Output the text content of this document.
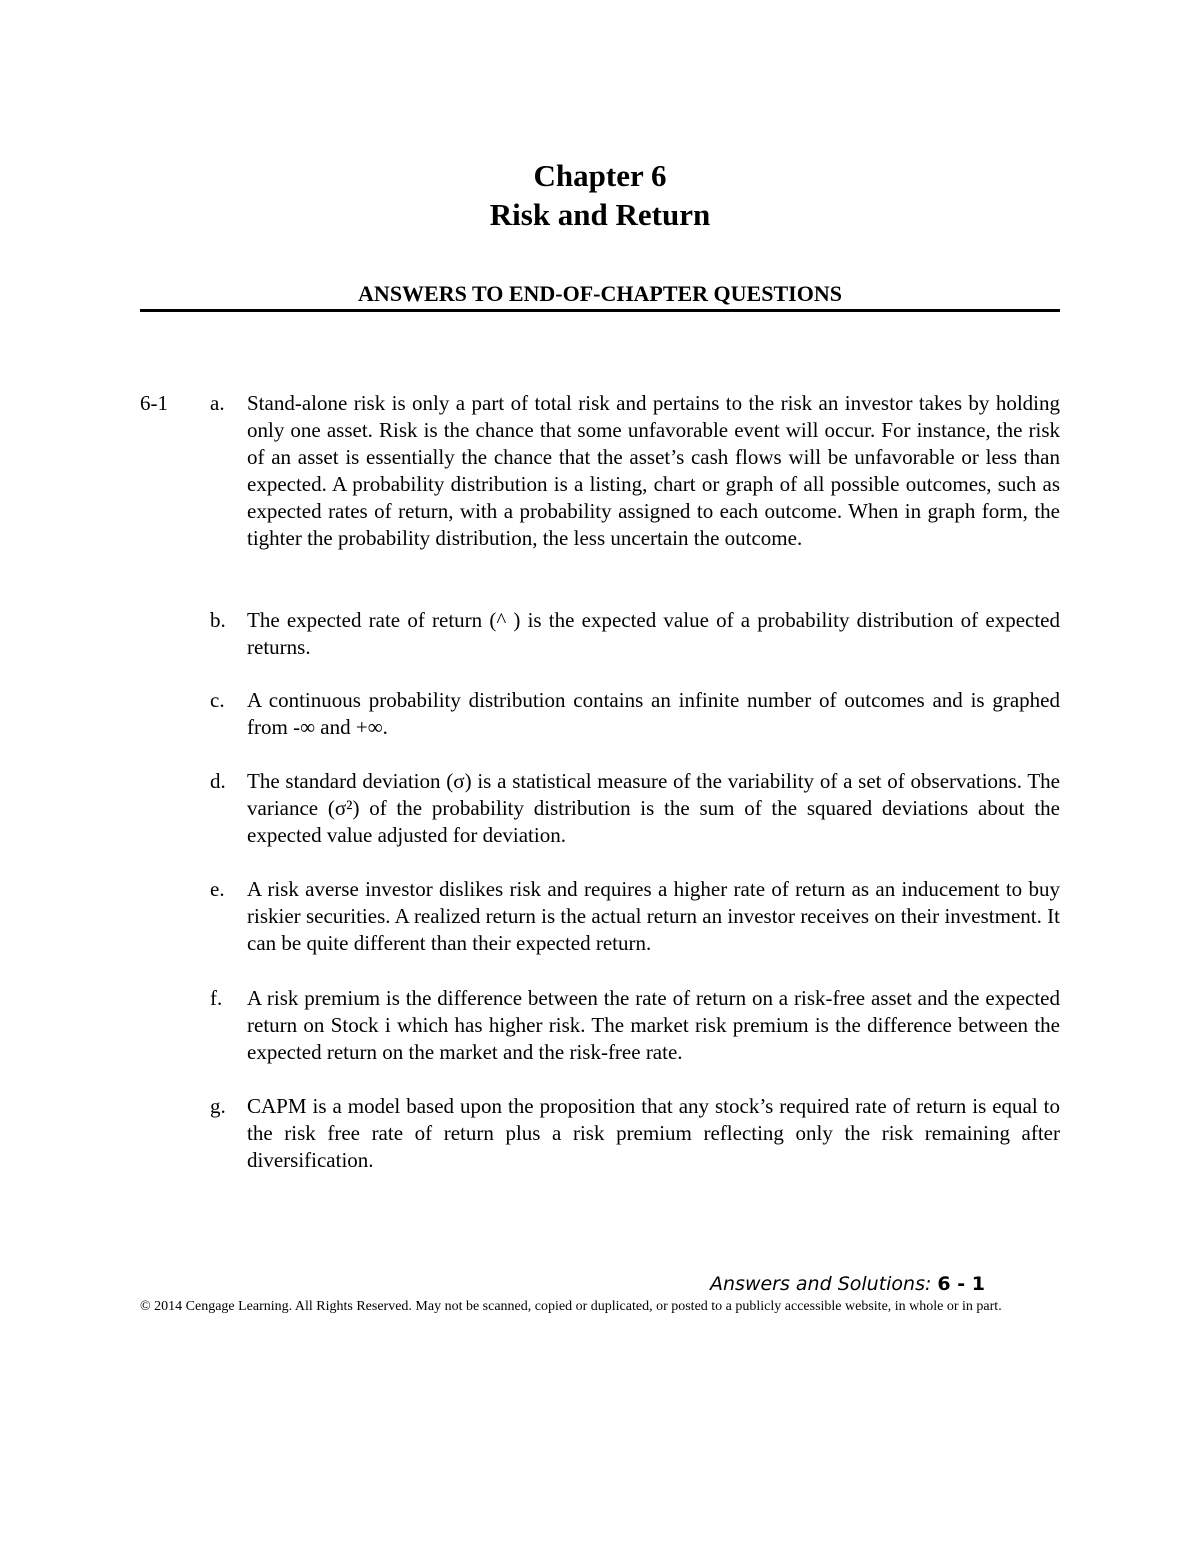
Chapter 6
Risk and Return
ANSWERS TO END-OF-CHAPTER QUESTIONS
6-1 a. Stand-alone risk is only a part of total risk and pertains to the risk an investor takes by holding only one asset. Risk is the chance that some unfavorable event will occur. For instance, the risk of an asset is essentially the chance that the asset’s cash flows will be unfavorable or less than expected. A probability distribution is a listing, chart or graph of all possible outcomes, such as expected rates of return, with a probability assigned to each outcome. When in graph form, the tighter the probability distribution, the less uncertain the outcome.
b. The expected rate of return (^ ) is the expected value of a probability distribution of expected returns.
c. A continuous probability distribution contains an infinite number of outcomes and is graphed from -∞ and +∞.
d. The standard deviation (σ) is a statistical measure of the variability of a set of observations. The variance (σ²) of the probability distribution is the sum of the squared deviations about the expected value adjusted for deviation.
e. A risk averse investor dislikes risk and requires a higher rate of return as an inducement to buy riskier securities. A realized return is the actual return an investor receives on their investment. It can be quite different than their expected return.
f. A risk premium is the difference between the rate of return on a risk-free asset and the expected return on Stock i which has higher risk. The market risk premium is the difference between the expected return on the market and the risk-free rate.
g. CAPM is a model based upon the proposition that any stock’s required rate of return is equal to the risk free rate of return plus a risk premium reflecting only the risk remaining after diversification.
Answers and Solutions: 6 - 1
© 2014 Cengage Learning. All Rights Reserved. May not be scanned, copied or duplicated, or posted to a publicly accessible website, in whole or in part.
